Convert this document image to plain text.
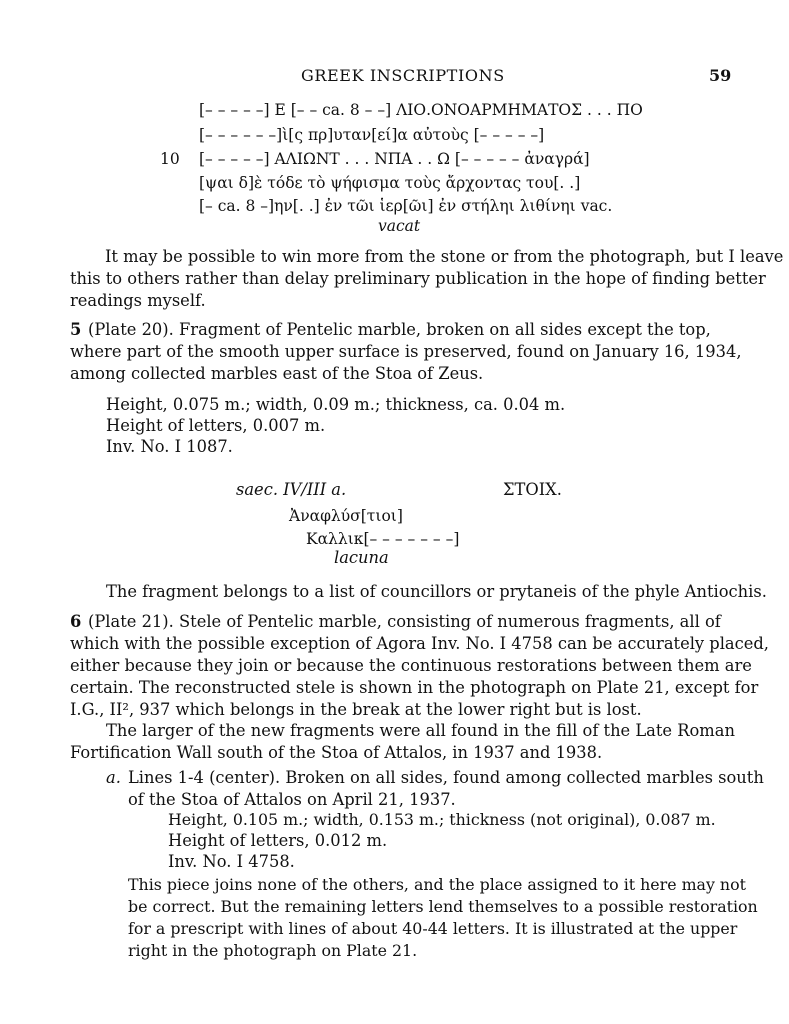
GREEK INSCRIPTIONS	59
[– – – – –] Ε [– – ca. 8 – –] ΛΙΟ.ΟΝΟΑΡΜΗΜΑΤΟΣ . . . ΠΟ
[– – – – – –]ὶ[ς πρ]υταν[εί]α αὐτοὺς [– – – – –]
10 [– – – – –] ΑΛΙΩΝΤ . . . ΝΠΑ . . Ω [– – – – – ἀναγρά]
[ψαι δ]ὲ τόδε τὸ ψήφισμα τοὺς ἄρχοντας του[. .]
[– ca. 8 –]ην[. .] ἐν τῶι ἱερ[ῶι] ἐν στήληι λιθίνηι vac.
vacat
It may be possible to win more from the stone or from the photograph, but I leave
this to others rather than delay preliminary publication in the hope of finding better
readings myself.
5 (Plate 20). Fragment of Pentelic marble, broken on all sides except the top,
where part of the smooth upper surface is preserved, found on January 16, 1934,
among collected marbles east of the Stoa of Zeus.
Height, 0.075 m.; width, 0.09 m.; thickness, ca. 0.04 m.
Height of letters, 0.007 m.
Inv. No. I 1087.
saec. IV/III a.	ΣΤΟΙΧ.
Ἀναφλύσ[τιοι]
Καλλικ[– – – – – – –]
lacuna
The fragment belongs to a list of councillors or prytaneis of the phyle Antiochis.
6 (Plate 21). Stele of Pentelic marble, consisting of numerous fragments, all of
which with the possible exception of Agora Inv. No. I 4758 can be accurately placed,
either because they join or because the continuous restorations between them are
certain. The reconstructed stele is shown in the photograph on Plate 21, except for
I.G., II², 937 which belongs in the break at the lower right but is lost.
The larger of the new fragments were all found in the fill of the Late Roman
Fortification Wall south of the Stoa of Attalos, in 1937 and 1938.
a. Lines 1-4 (center). Broken on all sides, found among collected marbles south
of the Stoa of Attalos on April 21, 1937.
Height, 0.105 m.; width, 0.153 m.; thickness (not original), 0.087 m.
Height of letters, 0.012 m.
Inv. No. I 4758.
This piece joins none of the others, and the place assigned to it here may not
be correct. But the remaining letters lend themselves to a possible restoration
for a prescript with lines of about 40-44 letters. It is illustrated at the upper
right in the photograph on Plate 21.
